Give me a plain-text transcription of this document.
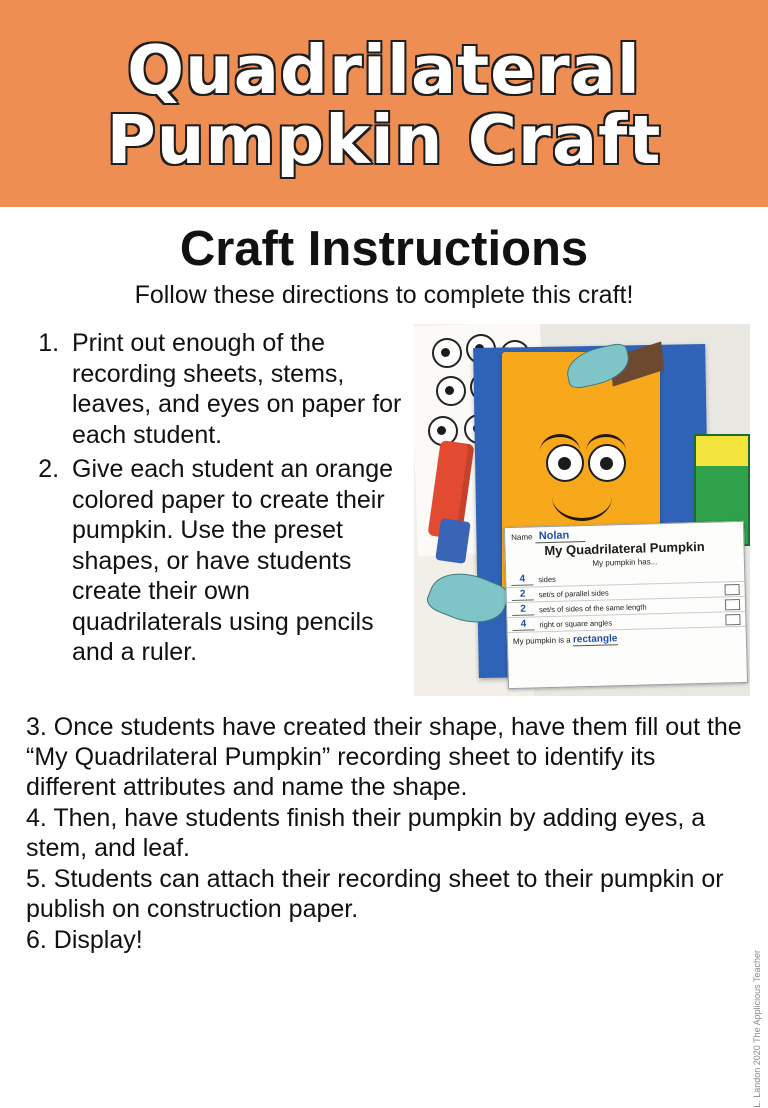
Quadrilateral
Pumpkin Craft
Craft Instructions
Follow these directions to complete this craft!
1. Print out enough of the recording sheets, stems, leaves, and eyes on paper for each student.
2. Give each student an orange colored paper to create their pumpkin. Use the preset shapes, or have students create their own quadrilaterals using pencils and a ruler.
Name Nolan
My Quadrilateral Pumpkin
My pumpkin has...
4	sides
2	set/s of parallel sides
2	set/s of sides of the same length
4	right or square angles
My pumpkin is a rectangle

3. Once students have created their shape, have them fill out the “My Quadrilateral Pumpkin” recording sheet to identify its different attributes and name the shape.

4. Then, have students finish their pumpkin by adding eyes, a stem, and leaf.

5. Students can attach their recording sheet to their pumpkin or publish on construction paper.

6. Display!

L. Landon 2020 The Applicious Teacher
